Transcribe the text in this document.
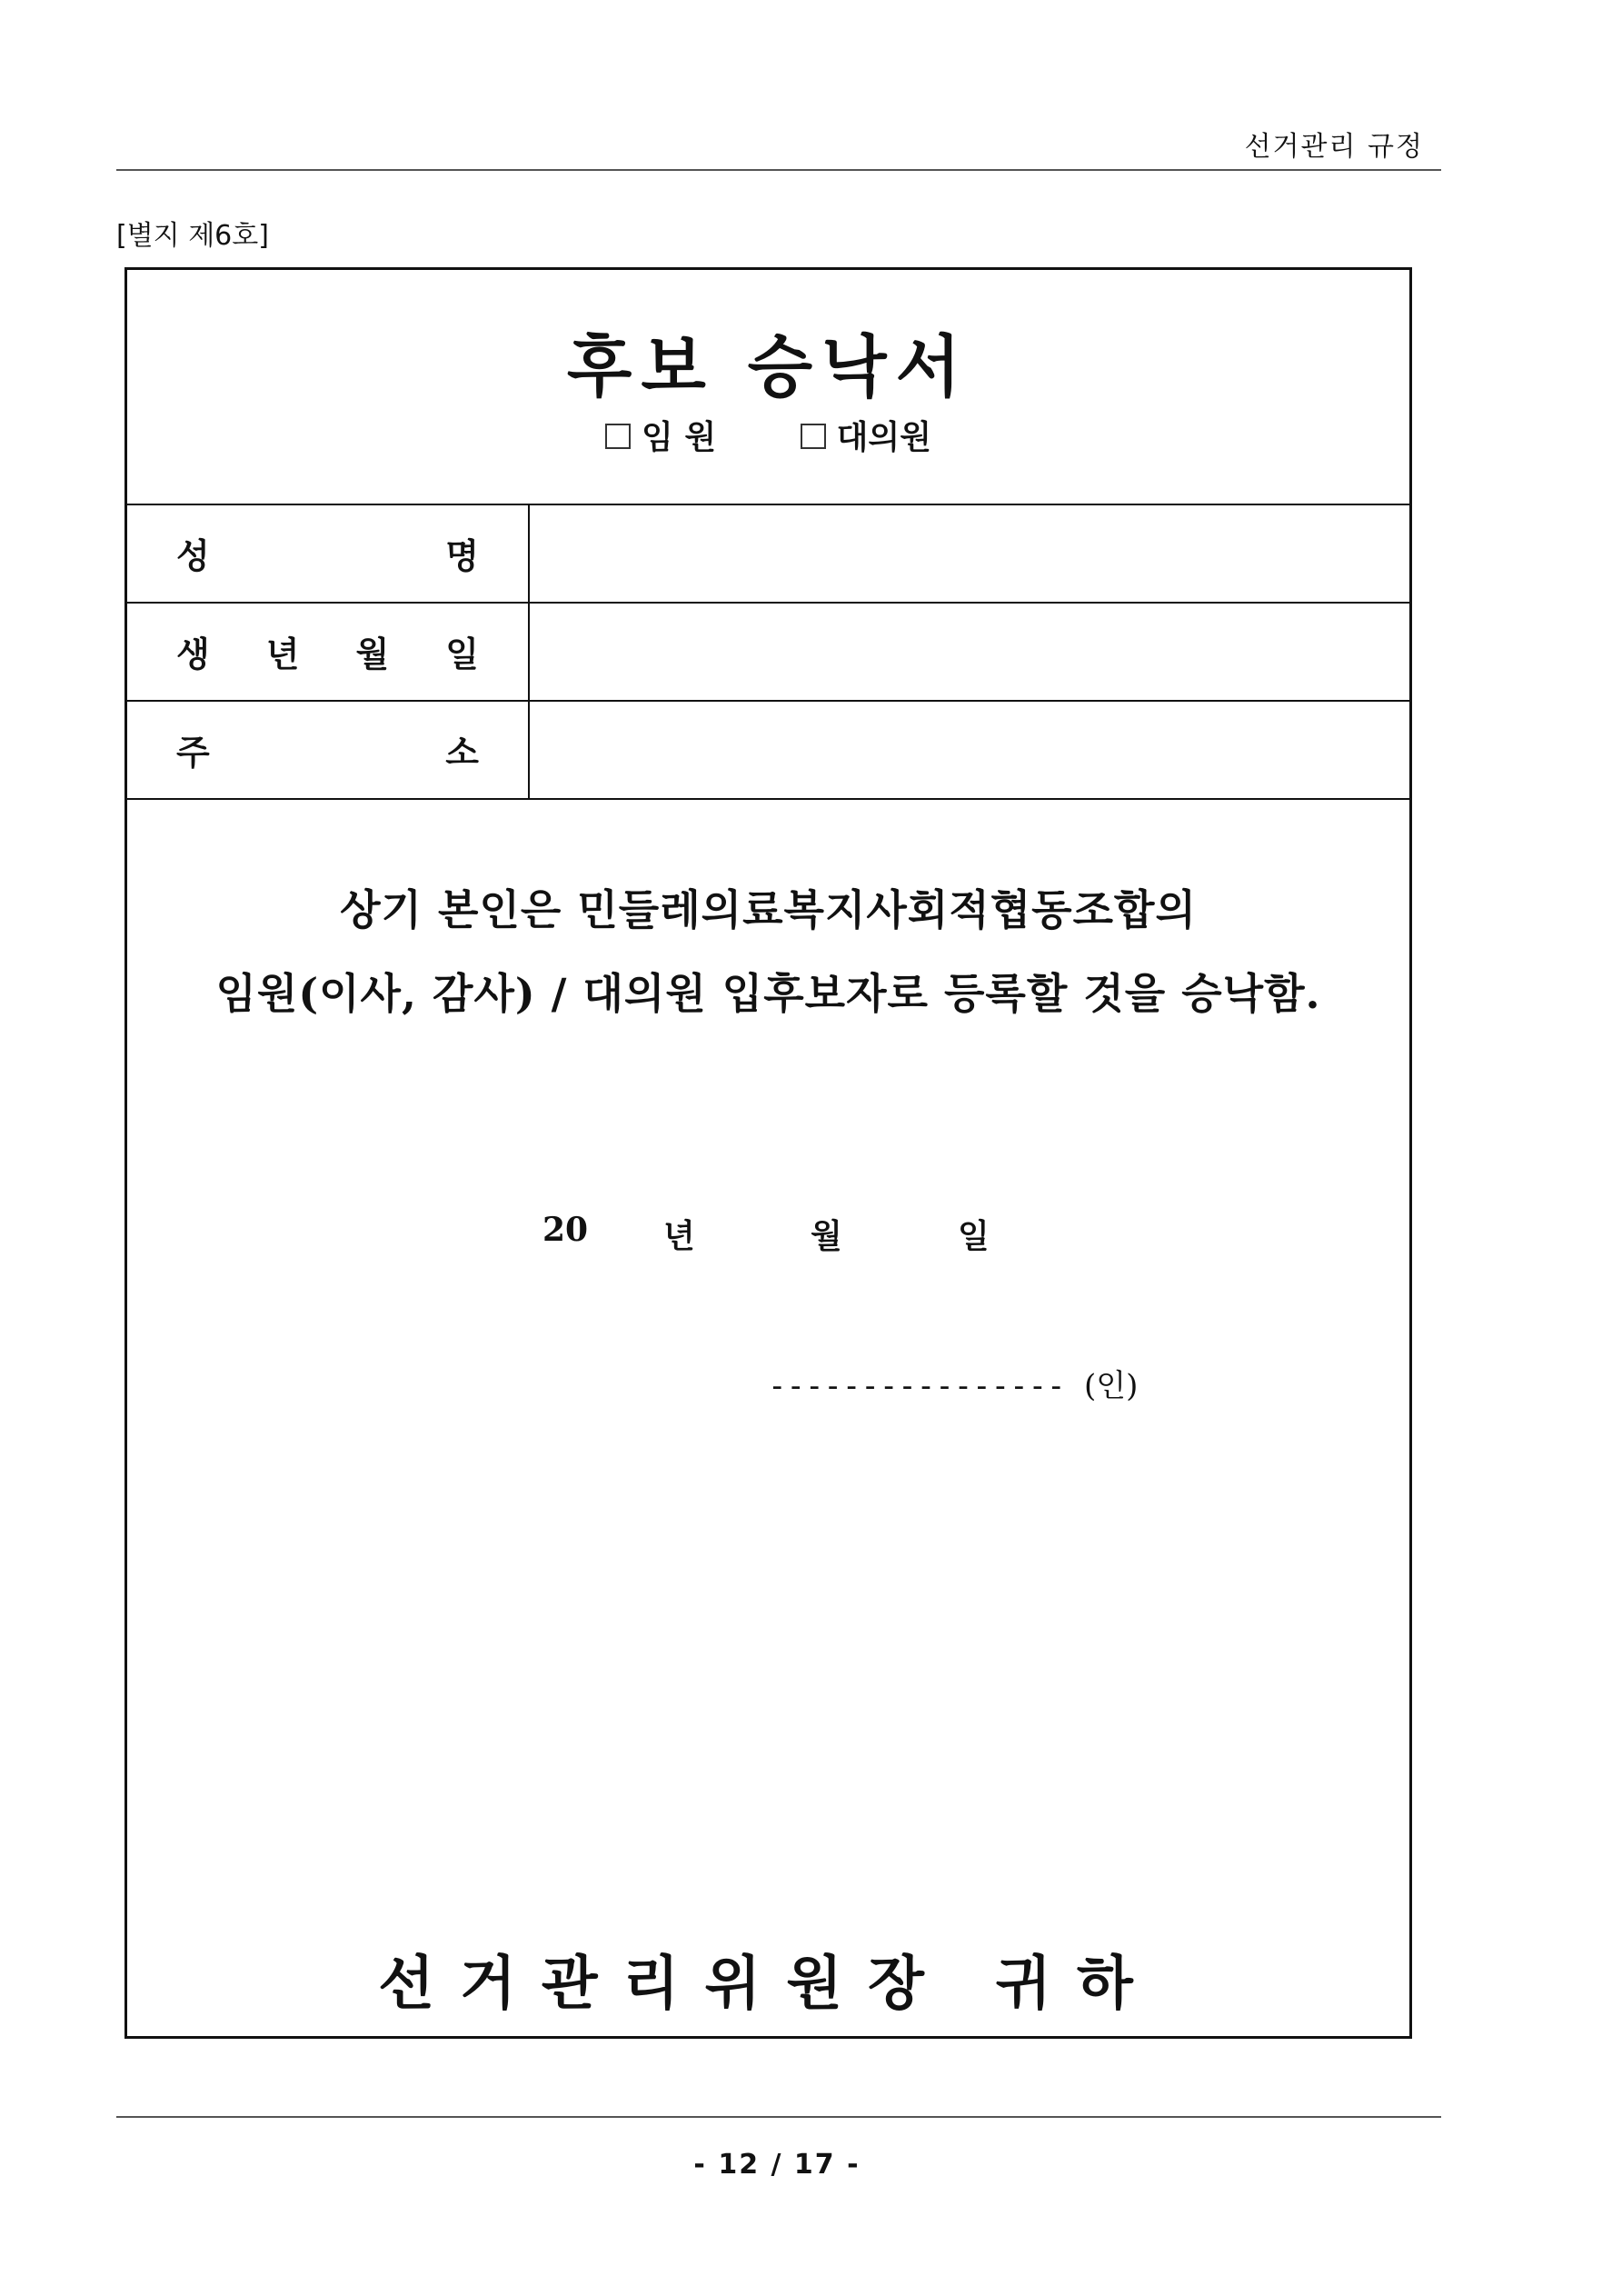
선거관리 규정
[별지 제6호]
후보 승낙서
임 원	대의원
성	명
생 년 월 일
주	소
상기 본인은 민들레의료복지사회적협동조합의
임원(이사, 감사) / 대의원 입후보자로 등록할 것을 승낙함.
20 년	월	일
---------------- (인)
선거관리위원장 귀하
- 12 / 17 -
